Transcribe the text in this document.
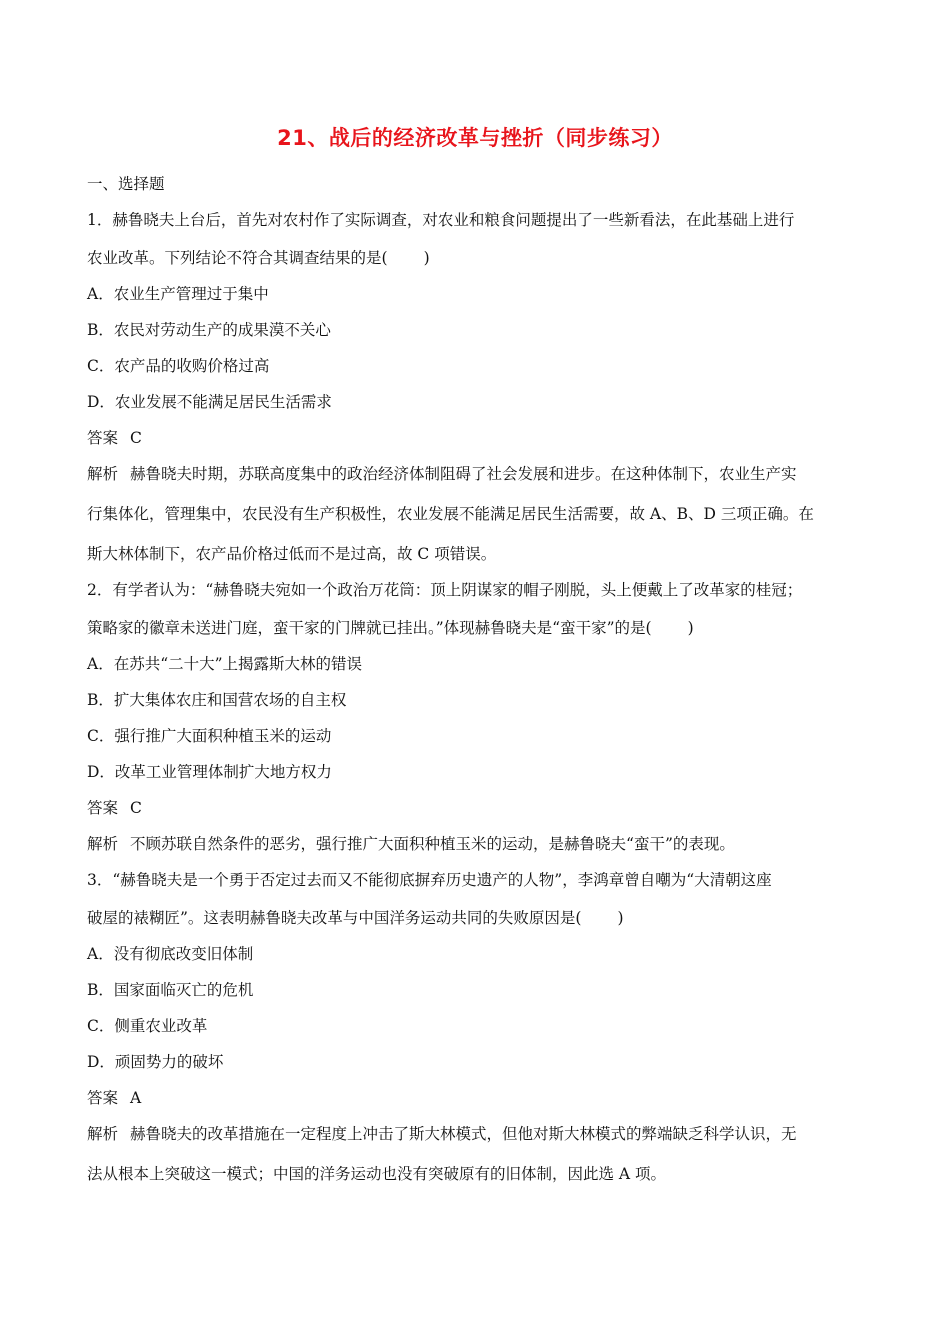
21、战后的经济改革与挫折（同步练习）

一、选择题

1．赫鲁晓夫上台后，首先对农村作了实际调查，对农业和粮食问题提出了一些新看法，在此基础上进行

农业改革。下列结论不符合其调查结果的是( )

A．农业生产管理过于集中

B．农民对劳动生产的成果漠不关心

C．农产品的收购价格过高

D．农业发展不能满足居民生活需求

答案 C

解析 赫鲁晓夫时期，苏联高度集中的政治经济体制阻碍了社会发展和进步。在这种体制下，农业生产实

行集体化，管理集中，农民没有生产积极性，农业发展不能满足居民生活需要，故 A、B、D 三项正确。在

斯大林体制下，农产品价格过低而不是过高，故 C 项错误。

2．有学者认为：“赫鲁晓夫宛如一个政治万花筒：顶上阴谋家的帽子刚脱，头上便戴上了改革家的桂冠；

策略家的徽章未送进门庭，蛮干家的门牌就已挂出。”体现赫鲁晓夫是“蛮干家”的是( )

A．在苏共“二十大”上揭露斯大林的错误

B．扩大集体农庄和国营农场的自主权

C．强行推广大面积种植玉米的运动

D．改革工业管理体制扩大地方权力

答案 C

解析 不顾苏联自然条件的恶劣，强行推广大面积种植玉米的运动，是赫鲁晓夫“蛮干”的表现。

3．“赫鲁晓夫是一个勇于否定过去而又不能彻底摒弃历史遗产的人物”，李鸿章曾自嘲为“大清朝这座

破屋的裱糊匠”。这表明赫鲁晓夫改革与中国洋务运动共同的失败原因是( )

A．没有彻底改变旧体制

B．国家面临灭亡的危机

C．侧重农业改革

D．顽固势力的破坏

答案 A

解析 赫鲁晓夫的改革措施在一定程度上冲击了斯大林模式，但他对斯大林模式的弊端缺乏科学认识，无

法从根本上突破这一模式；中国的洋务运动也没有突破原有的旧体制，因此选 A 项。
